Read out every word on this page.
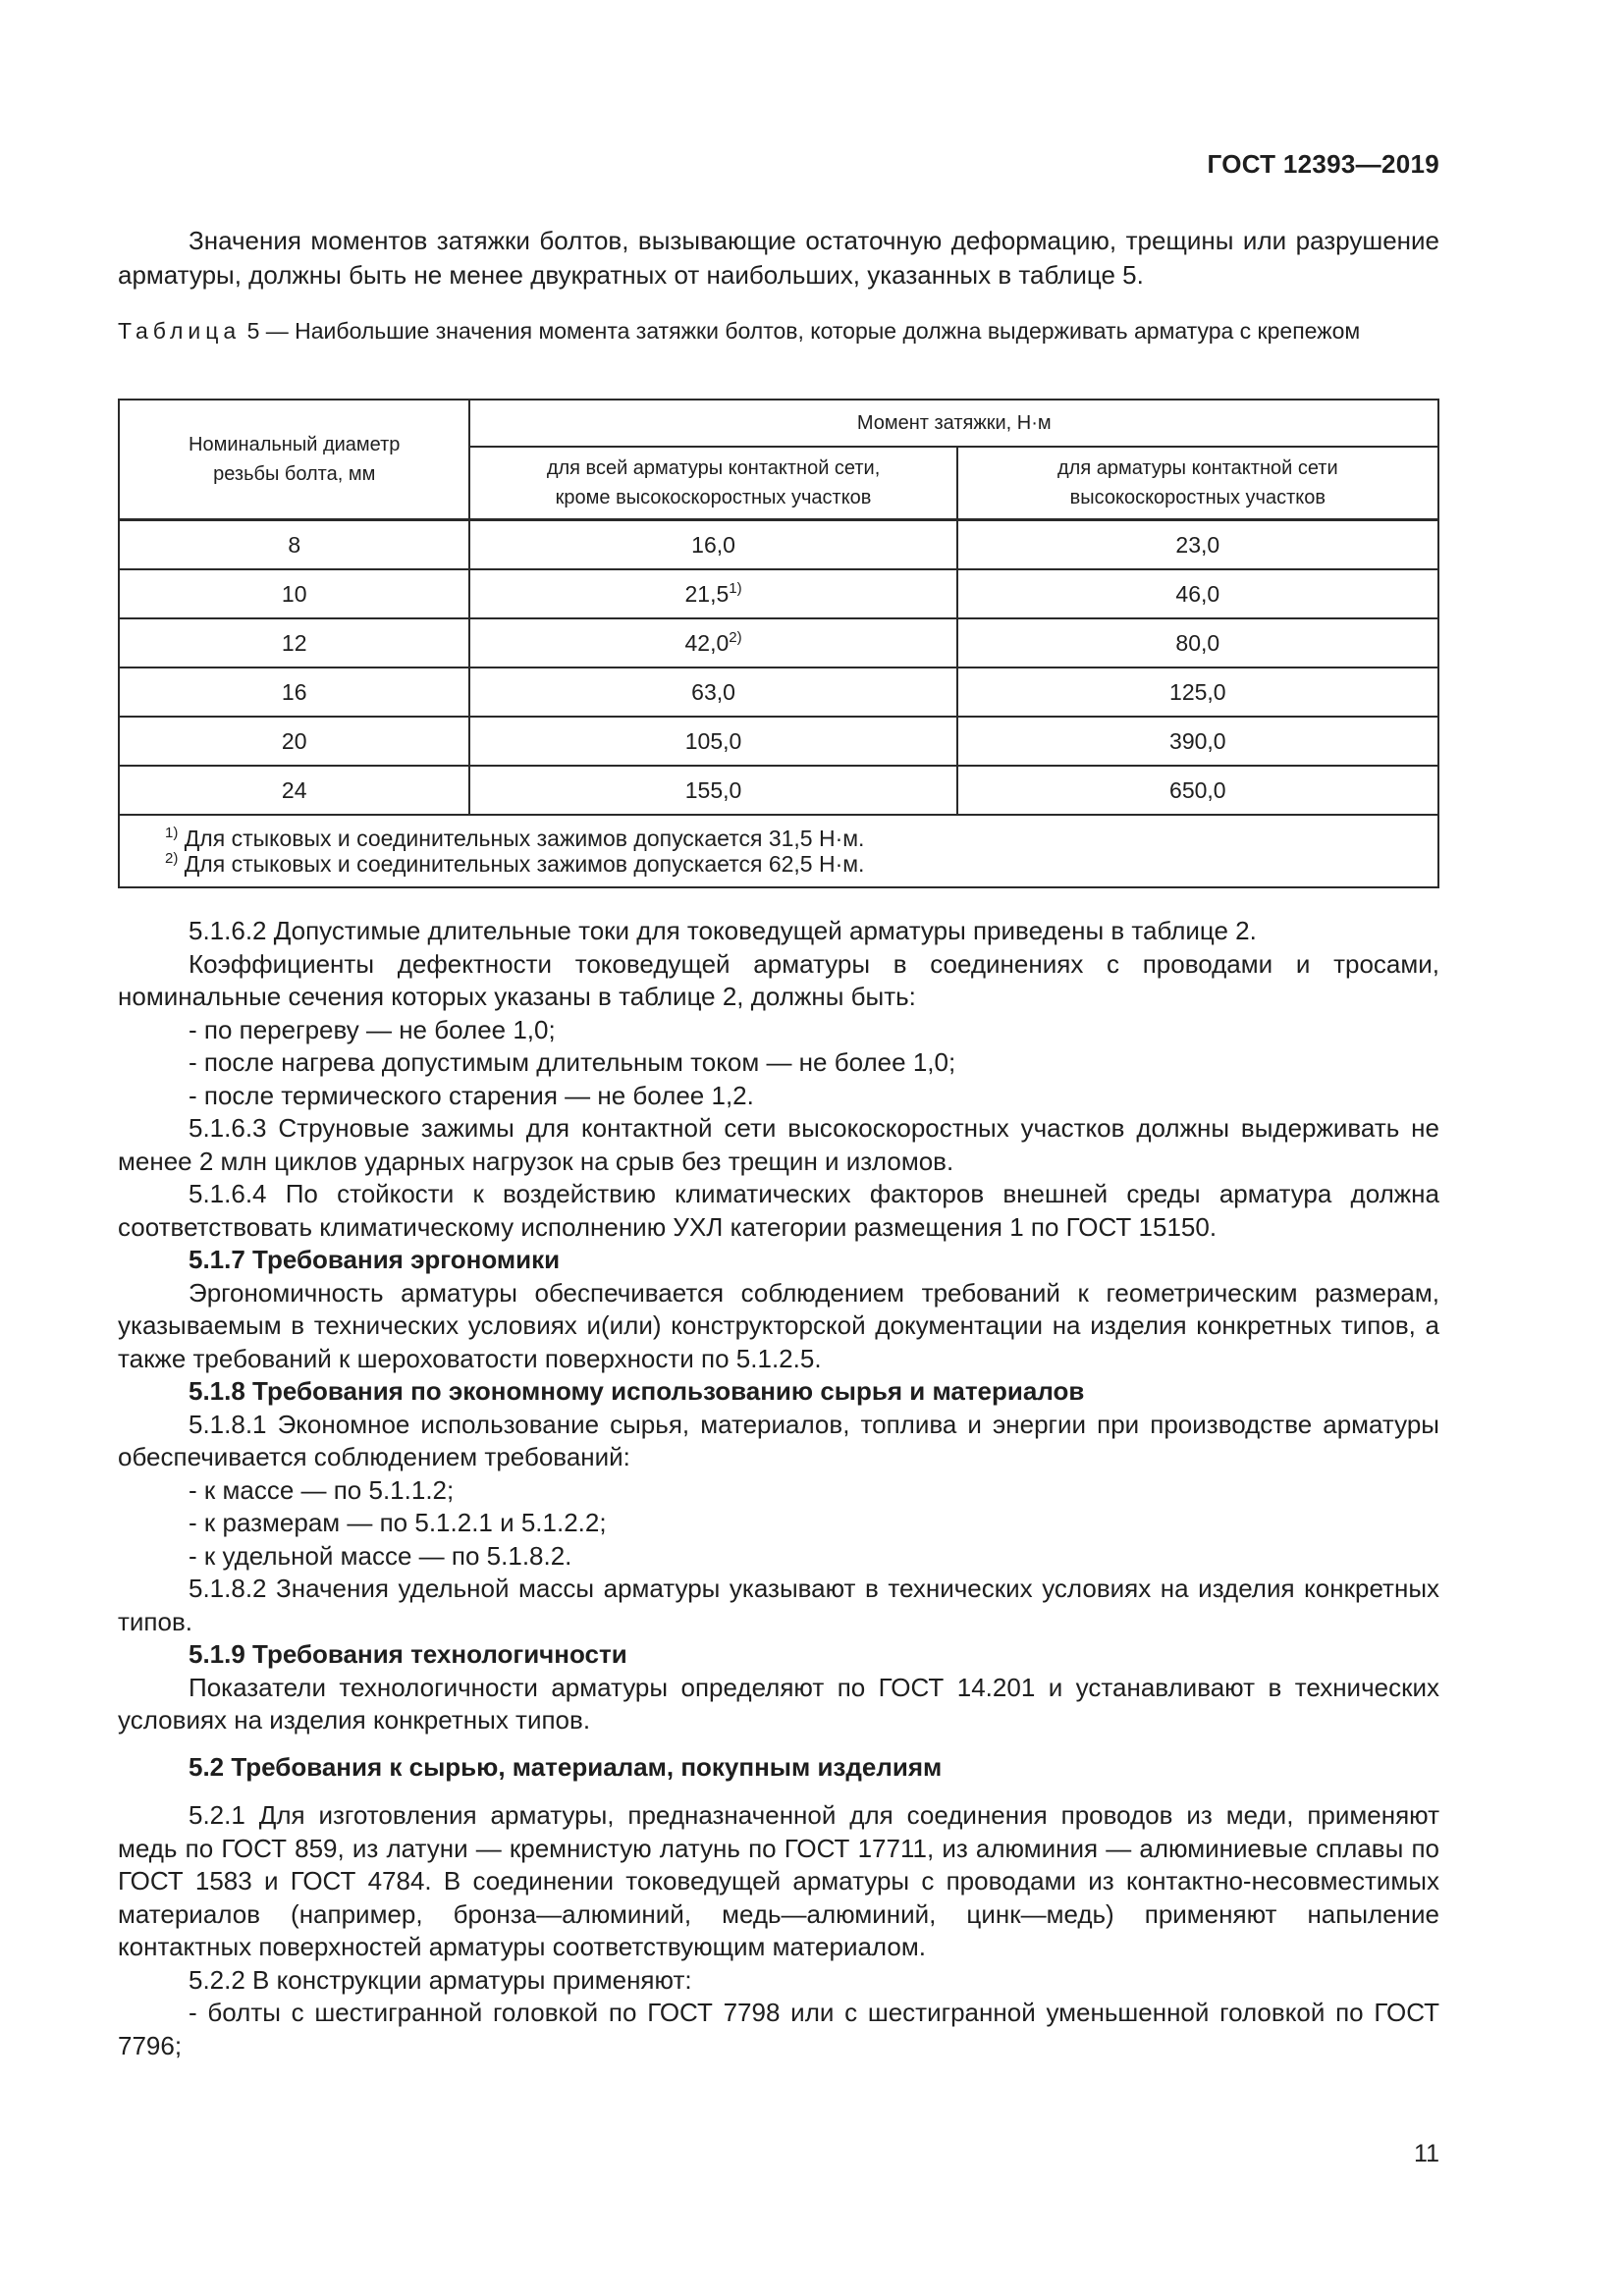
ГОСТ 12393—2019

Значения моментов затяжки болтов, вызывающие остаточную деформацию, трещины или разрушение арматуры, должны быть не менее двукратных от наибольших, указанных в таблице 5.

Таблица 5 — Наибольшие значения момента затяжки болтов, которые должна выдерживать арматура с крепежом
Номинальный диаметр резьбы болта, мм	Момент затяжки, Н·м	
	для всей арматуры контактной сети, кроме высокоскоростных участков	для арматуры контактной сети высокоскоростных участков
8	16,0	23,0
10	21,5$^{1)}$	46,0
12	42,0$^{2)}$	80,0
16	63,0	125,0
20	105,0	390,0
24	155,0	650,0

$^{1)}$ Для стыковых и соединительных зажимов допускается 31,5 Н·м.
$^{2)}$ Для стыковых и соединительных зажимов допускается 62,5 Н·м.		

5.1.6.2 Допустимые длительные токи для токоведущей арматуры приведены в таблице 2.

Коэффициенты дефектности токоведущей арматуры в соединениях с проводами и тросами, номинальные сечения которых указаны в таблице 2, должны быть:

- по перегреву — не более 1,0;

- после нагрева допустимым длительным током — не более 1,0;

- после термического старения — не более 1,2.

5.1.6.3 Струновые зажимы для контактной сети высокоскоростных участков должны выдерживать не менее 2 млн циклов ударных нагрузок на срыв без трещин и изломов.

5.1.6.4 По стойкости к воздействию климатических факторов внешней среды арматура должна соответствовать климатическому исполнению УХЛ категории размещения 1 по ГОСТ 15150.

5.1.7 Требования эргономики

Эргономичность арматуры обеспечивается соблюдением требований к геометрическим размерам, указываемым в технических условиях и(или) конструкторской документации на изделия конкретных типов, а также требований к шероховатости поверхности по 5.1.2.5.

5.1.8 Требования по экономному использованию сырья и материалов

5.1.8.1 Экономное использование сырья, материалов, топлива и энергии при производстве арматуры обеспечивается соблюдением требований:

- к массе — по 5.1.1.2;

- к размерам — по 5.1.2.1 и 5.1.2.2;

- к удельной массе — по 5.1.8.2.

5.1.8.2 Значения удельной массы арматуры указывают в технических условиях на изделия конкретных типов.

5.1.9 Требования технологичности

Показатели технологичности арматуры определяют по ГОСТ 14.201 и устанавливают в технических условиях на изделия конкретных типов.

5.2 Требования к сырью, материалам, покупным изделиям

5.2.1 Для изготовления арматуры, предназначенной для соединения проводов из меди, применяют медь по ГОСТ 859, из латуни — кремнистую латунь по ГОСТ 17711, из алюминия — алюминиевые сплавы по ГОСТ 1583 и ГОСТ 4784. В соединении токоведущей арматуры с проводами из контактно-несовместимых материалов (например, бронза—алюминий, медь—алюминий, цинк—медь) применяют напыление контактных поверхностей арматуры соответствующим материалом.

5.2.2 В конструкции арматуры применяют:

- болты с шестигранной головкой по ГОСТ 7798 или с шестигранной уменьшенной головкой по ГОСТ 7796;

11
